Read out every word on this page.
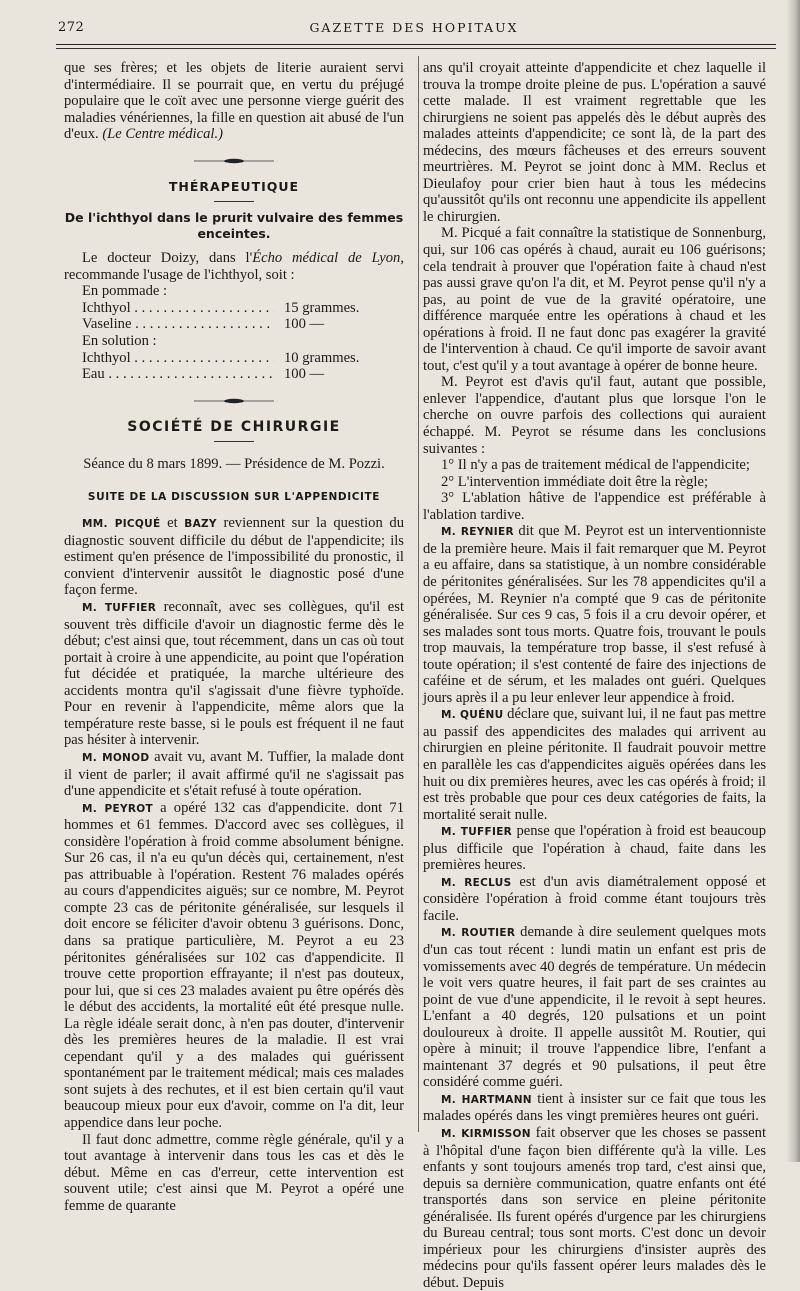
272	GAZETTE DES HOPITAUX

que ses frères; et les objets de literie auraient servi d'intermédiaire. Il se pourrait que, en vertu du préjugé populaire que le coït avec une personne vierge guérit des maladies vénériennes, la fille en question ait abusé de l'un d'eux. (Le Centre médical.)

THÉRAPEUTIQUE
De l'ichthyol dans le prurit vulvaire des femmes enceintes.

Le docteur Doizy, dans l'Écho médical de Lyon, recommande l'usage de l'ichthyol, soit :

En pommade :
Ichthyol . . .	15 grammes.
Vaseline . . .	100 —
En solution :
Ichthyol . . .	10 grammes.
Eau . . .	100 —
SOCIÉTÉ DE CHIRURGIE
Séance du 8 mars 1899. — Présidence de M. Pozzi.
SUITE DE LA DISCUSSION SUR L'APPENDICITE

MM. PICQUÉ et BAZY reviennent sur la question du diagnostic souvent difficile du début de l'appendicite; ils estiment qu'en présence de l'impossibilité du pronostic, il convient d'intervenir aussitôt le diagnostic posé d'une façon ferme.

M. TUFFIER reconnaît, avec ses collègues, qu'il est souvent très difficile d'avoir un diagnostic ferme dès le début; c'est ainsi que, tout récemment, dans un cas où tout portait à croire à une appendicite, au point que l'opération fut décidée et pratiquée, la marche ultérieure des accidents montra qu'il s'agissait d'une fièvre typhoïde. Pour en revenir à l'appendicite, même alors que la température reste basse, si le pouls est fréquent il ne faut pas hésiter à intervenir.

M. MONOD avait vu, avant M. Tuffier, la malade dont il vient de parler; il avait affirmé qu'il ne s'agissait pas d'une appendicite et s'était refusé à toute opération.

M. PEYROT a opéré 132 cas d'appendicite. dont 71 hommes et 61 femmes. D'accord avec ses collègues, il considère l'opération à froid comme absolument bénigne. Sur 26 cas, il n'a eu qu'un décès qui, certainement, n'est pas attribuable à l'opération. Restent 76 malades opérés au cours d'appendicites aiguës; sur ce nombre, M. Peyrot compte 23 cas de péritonite généralisée, sur lesquels il doit encore se féliciter d'avoir obtenu 3 guérisons. Donc, dans sa pratique particulière, M. Peyrot a eu 23 péritonites généralisées sur 102 cas d'appendicite. Il trouve cette proportion effrayante; il n'est pas douteux, pour lui, que si ces 23 malades avaient pu être opérés dès le début des accidents, la mortalité eût été presque nulle. La règle idéale serait donc, à n'en pas douter, d'intervenir dès les premières heures de la maladie. Il est vrai cependant qu'il y a des malades qui guérissent spontanément par le traitement médical; mais ces malades sont sujets à des rechutes, et il est bien certain qu'il vaut beaucoup mieux pour eux d'avoir, comme on l'a dit, leur appendice dans leur poche.

Il faut donc admettre, comme règle générale, qu'il y a tout avantage à intervenir dans tous les cas et dès le début. Même en cas d'erreur, cette intervention est souvent utile; c'est ainsi que M. Peyrot a opéré une femme de quarante

ans qu'il croyait atteinte d'appendicite et chez laquelle il trouva la trompe droite pleine de pus. L'opération a sauvé cette malade. Il est vraiment regrettable que les chirurgiens ne soient pas appelés dès le début auprès des malades atteints d'appendicite; ce sont là, de la part des médecins, des mœurs fâcheuses et des erreurs souvent meurtrières. M. Peyrot se joint donc à MM. Reclus et Dieulafoy pour crier bien haut à tous les médecins qu'aussitôt qu'ils ont reconnu une appendicite ils appellent le chirurgien.

M. Picqué a fait connaître la statistique de Sonnenburg, qui, sur 106 cas opérés à chaud, aurait eu 106 guérisons; cela tendrait à prouver que l'opération faite à chaud n'est pas aussi grave qu'on l'a dit, et M. Peyrot pense qu'il n'y a pas, au point de vue de la gravité opératoire, une différence marquée entre les opérations à chaud et les opérations à froid. Il ne faut donc pas exagérer la gravité de l'intervention à chaud. Ce qu'il importe de savoir avant tout, c'est qu'il y a tout avantage à opérer de bonne heure.

M. Peyrot est d'avis qu'il faut, autant que possible, enlever l'appendice, d'autant plus que lorsque l'on le cherche on ouvre parfois des collections qui auraient échappé. M. Peyrot se résume dans les conclusions suivantes :

1° Il n'y a pas de traitement médical de l'appendicite;

2° L'intervention immédiate doit être la règle;

3° L'ablation hâtive de l'appendice est préférable à l'ablation tardive.

M. REYNIER dit que M. Peyrot est un interventionniste de la première heure. Mais il fait remarquer que M. Peyrot a eu affaire, dans sa statistique, à un nombre considérable de péritonites généralisées. Sur les 78 appendicites qu'il a opérées, M. Reynier n'a compté que 9 cas de péritonite généralisée. Sur ces 9 cas, 5 fois il a cru devoir opérer, et ses malades sont tous morts. Quatre fois, trouvant le pouls trop mauvais, la température trop basse, il s'est refusé à toute opération; il s'est contenté de faire des injections de caféine et de sérum, et les malades ont guéri. Quelques jours après il a pu leur enlever leur appendice à froid.

M. QUÉNU déclare que, suivant lui, il ne faut pas mettre au passif des appendicites des malades qui arrivent au chirurgien en pleine péritonite. Il faudrait pouvoir mettre en parallèle les cas d'appendicites aiguës opérées dans les huit ou dix premières heures, avec les cas opérés à froid; il est très probable que pour ces deux catégories de faits, la mortalité serait nulle.

M. TUFFIER pense que l'opération à froid est beaucoup plus difficile que l'opération à chaud, faite dans les premières heures.

M. RECLUS est d'un avis diamétralement opposé et considère l'opération à froid comme étant toujours très facile.

M. ROUTIER demande à dire seulement quelques mots d'un cas tout récent : lundi matin un enfant est pris de vomissements avec 40 degrés de température. Un médecin le voit vers quatre heures, il fait part de ses craintes au point de vue d'une appendicite, il le revoit à sept heures. L'enfant a 40 degrés, 120 pulsations et un point douloureux à droite. Il appelle aussitôt M. Routier, qui opère à minuit; il trouve l'appendice libre, l'enfant a maintenant 37 degrés et 90 pulsations, il peut être considéré comme guéri.

M. HARTMANN tient à insister sur ce fait que tous les malades opérés dans les vingt premières heures ont guéri.

M. KIRMISSON fait observer que les choses se passent à l'hôpital d'une façon bien différente qu'à la ville. Les enfants y sont toujours amenés trop tard, c'est ainsi que, depuis sa dernière communication, quatre enfants ont été transportés dans son service en pleine péritonite généralisée. Ils furent opérés d'urgence par les chirurgiens du Bureau central; tous sont morts. C'est donc un devoir impérieux pour les chirurgiens d'insister auprès des médecins pour qu'ils fassent opérer leurs malades dès le début. Depuis
